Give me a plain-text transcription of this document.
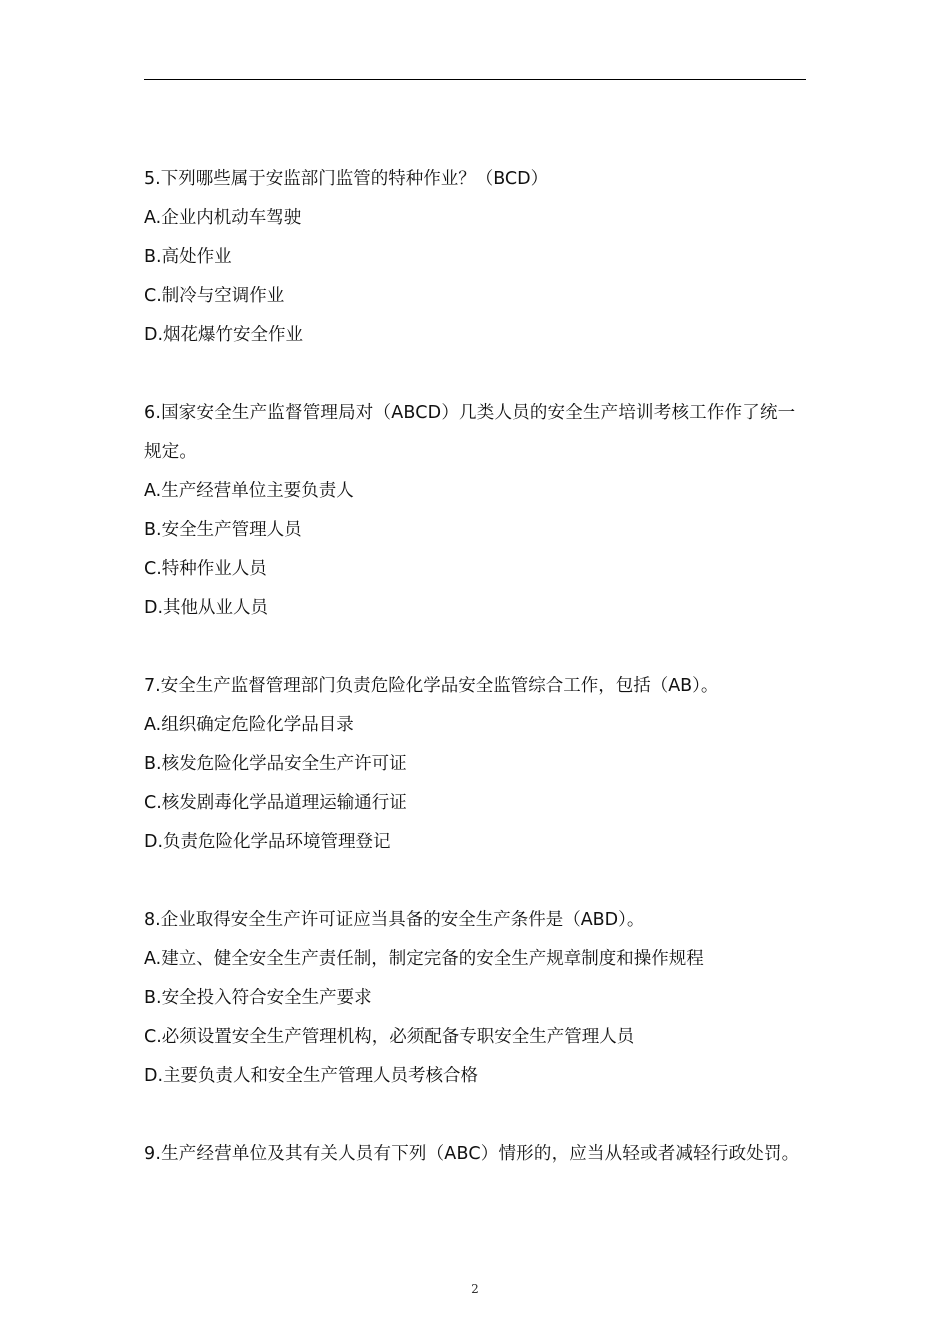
5.下列哪些属于安监部门监管的特种作业？（BCD）
A.企业内机动车驾驶
B.高处作业
C.制冷与空调作业
D.烟花爆竹安全作业
6.国家安全生产监督管理局对（ABCD）几类人员的安全生产培训考核工作作了统一规定。
A.生产经营单位主要负责人
B.安全生产管理人员
C.特种作业人员
D.其他从业人员
7.安全生产监督管理部门负责危险化学品安全监管综合工作，包括（AB）。
A.组织确定危险化学品目录
B.核发危险化学品安全生产许可证
C.核发剧毒化学品道理运输通行证
D.负责危险化学品环境管理登记
8.企业取得安全生产许可证应当具备的安全生产条件是（ABD）。
A.建立、健全安全生产责任制，制定完备的安全生产规章制度和操作规程
B.安全投入符合安全生产要求
C.必须设置安全生产管理机构，必须配备专职安全生产管理人员
D.主要负责人和安全生产管理人员考核合格
9.生产经营单位及其有关人员有下列（ABC）情形的，应当从轻或者减轻行政处罚。
2
